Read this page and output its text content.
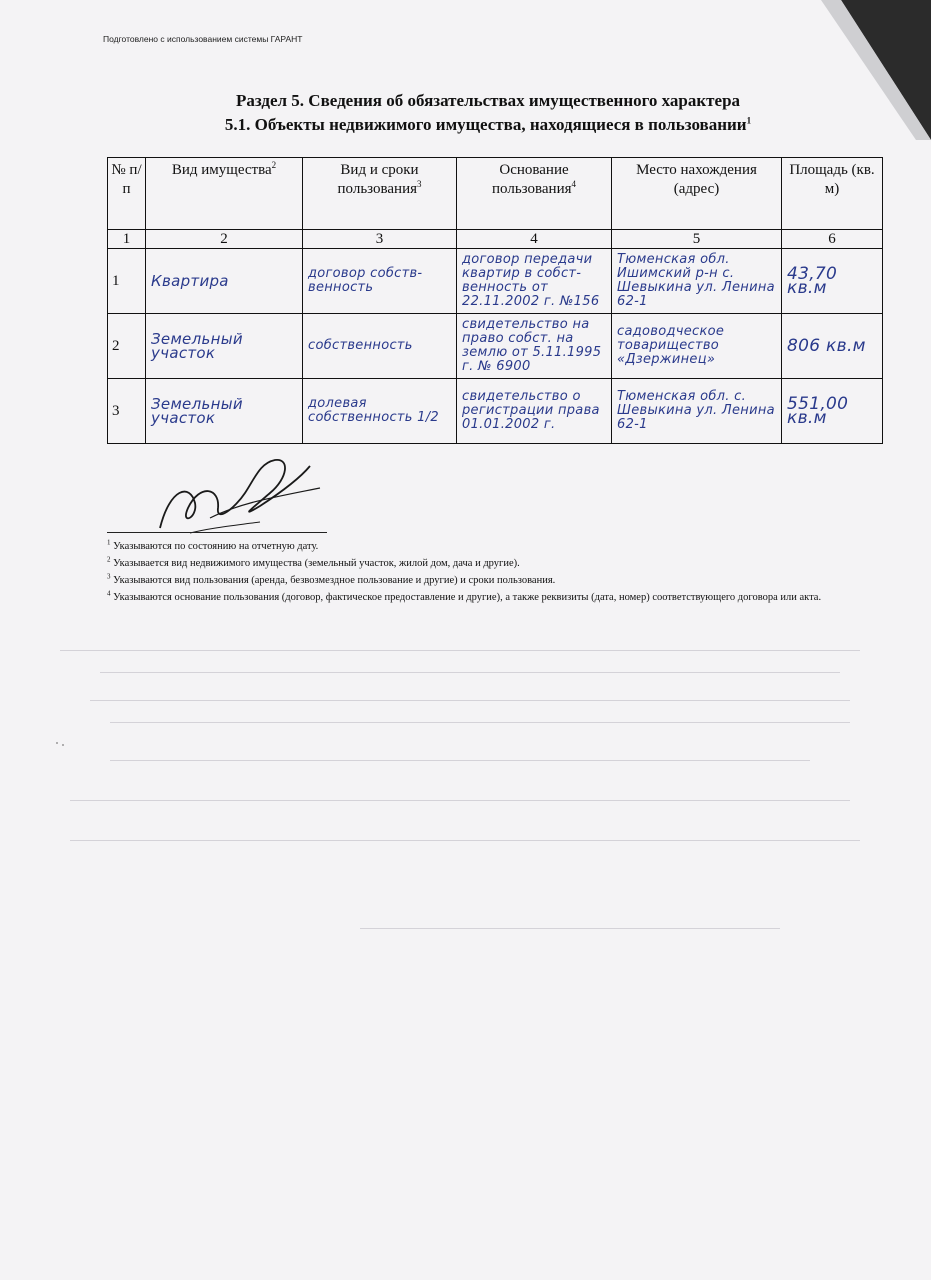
Подготовлено с использованием системы ГАРАНТ
Раздел 5. Сведения об обязательствах имущественного характера
5.1. Объекты недвижимого имущества, находящиеся в пользовании$^1$
№ п/п	Вид имущества$^2$	Вид и сроки пользования$^3$	Основание пользования$^4$	Место нахождения (адрес)	Площадь (кв. м)
1	2	3	4	5	6
1	Квартира	договор собств-венность	договор передачи квартир в собст-венность от 22.11.2002 г. №156	Тюменская обл. Ишимский р-н с. Шевыкина ул. Ленина 62-1	43,70 кв.м

2	Земельный участок	собственность	свидетельство на право собст. на землю от 5.11.1995 г. № 6900	садоводческое товарищество «Дзержинец»	806 кв.м

3	Земельный участок	долевая собственность 1/2	свидетельство о регистрации права 01.01.2002 г.	Тюменская обл. с. Шевыкина ул. Ленина 62-1	551,00 кв.м

$^1$ Указываются по состоянию на отчетную дату.

$^2$ Указывается вид недвижимого имущества (земельный участок, жилой дом, дача и другие).

$^3$ Указываются вид пользования (аренда, безвозмездное пользование и другие) и сроки пользования.

$^4$ Указываются основание пользования (договор, фактическое предоставление и другие), а также реквизиты (дата, номер) соответствующего договора или акта.
